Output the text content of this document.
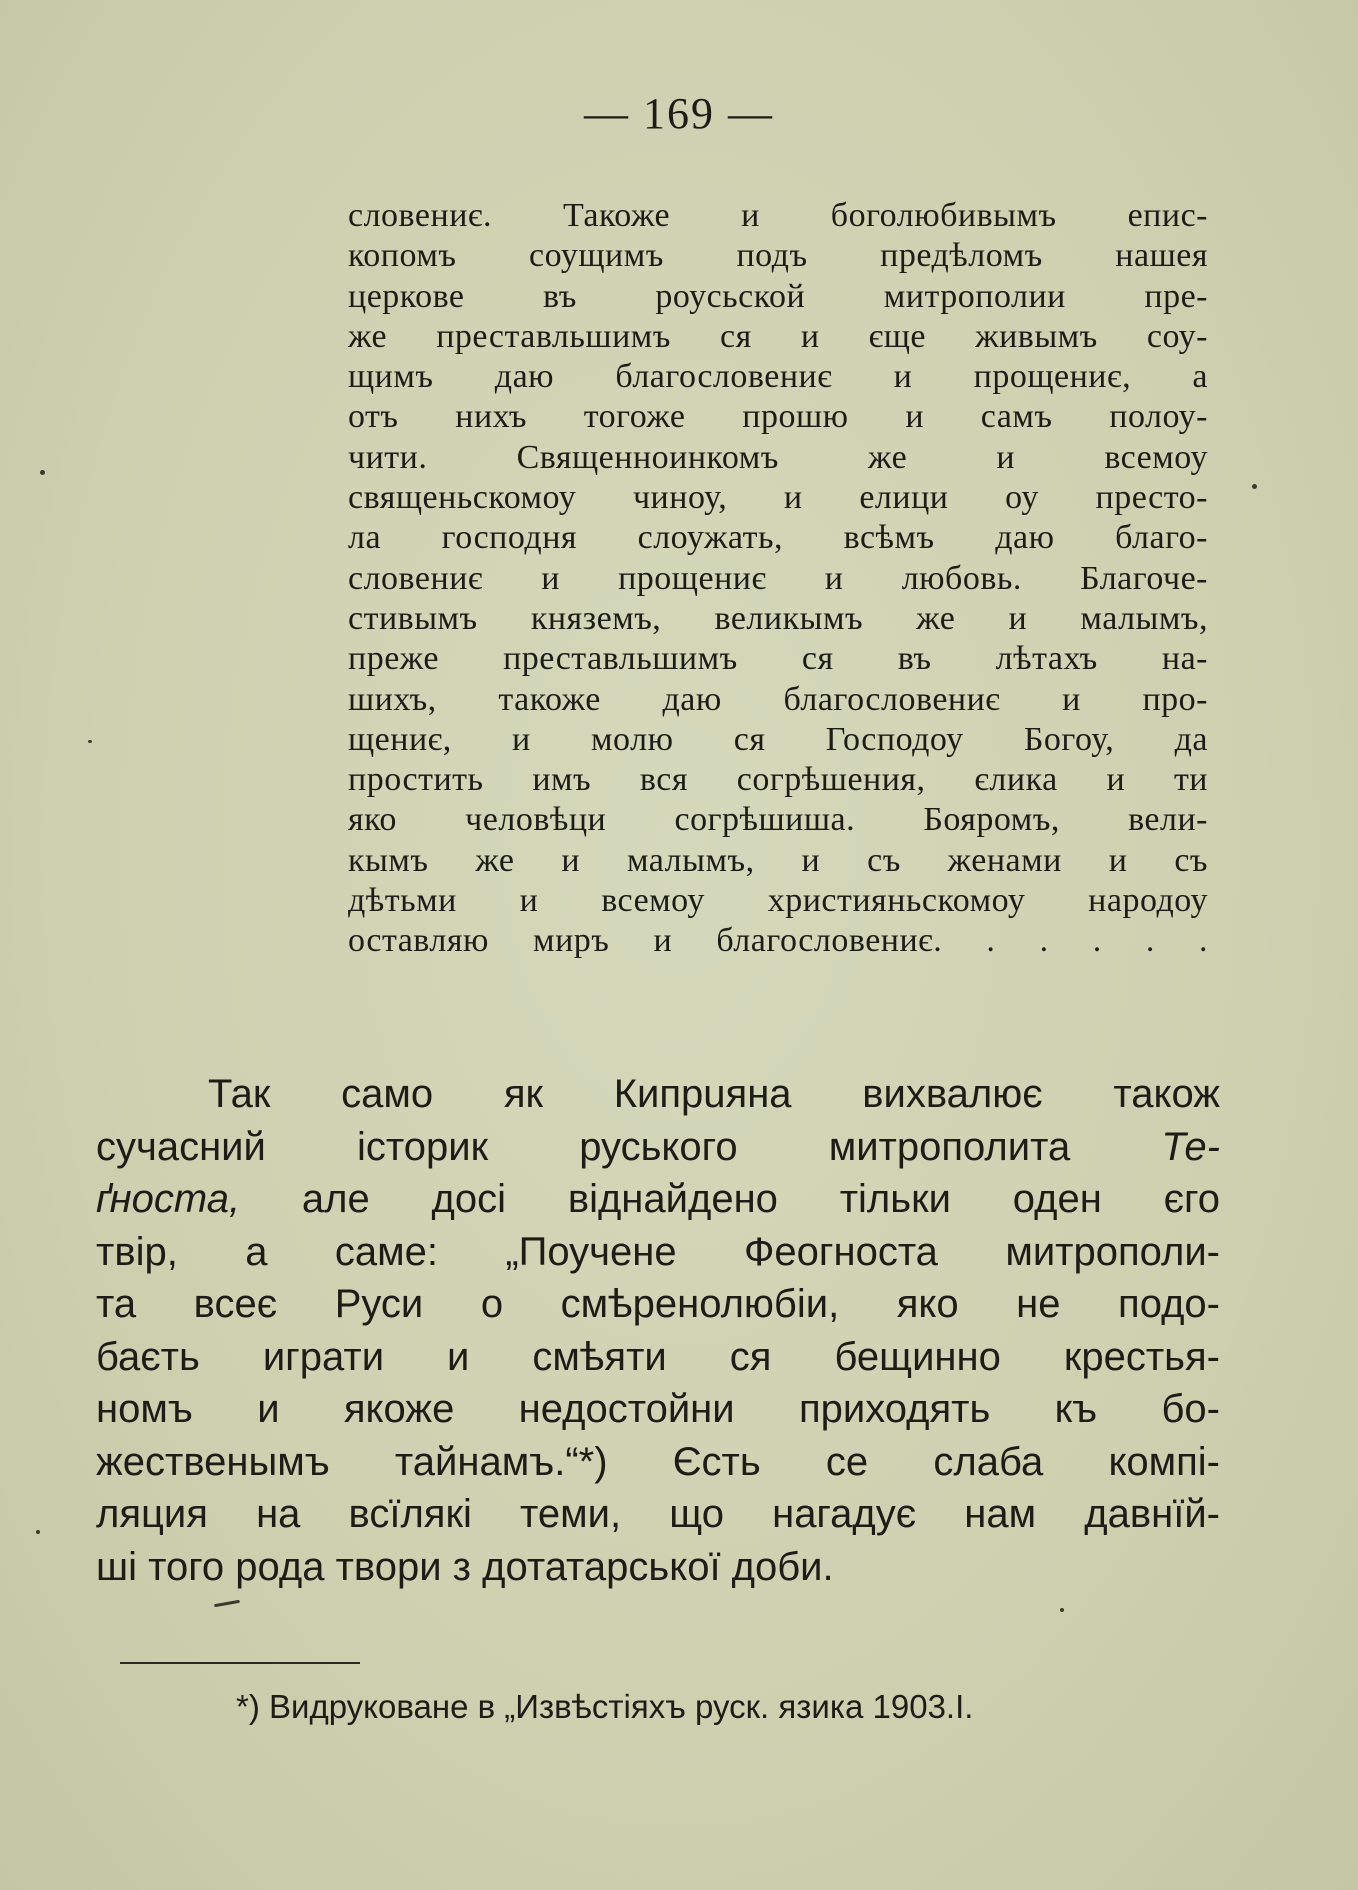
— 169 —
словениє. Такоже и боголюбивымъ епис-
копомъ соущимъ подъ предѣломъ нашея
церкове въ роусьской митрополии пре-
же преставльшимъ ся и єще живымъ соу-
щимъ даю благословениє и прощениє, а
отъ нихъ тогоже прошю и самъ полоу-
чити. Священноинкомъ же и всемоу
священьскомоу чиноу, и елици оу престо-
ла господня слоужать, всѣмъ даю благо-
словениє и прощениє и любовь. Благоче-
стивымъ княземъ, великымъ же и малымъ,
преже преставльшимъ ся въ лѣтахъ на-
шихъ, такоже даю благословениє и про-
щениє, и молю ся Господоу Богоу, да
простить имъ вся согрѣшения, єлика и ти
яко человѣци согрѣшиша. Бояромъ, вели-
кымъ же и малымъ, и съ женами и съ
дѣтьми и всемоу християньскомоу народоу
оставляю миръ и благословениє. . . . . .
Так само як Кипрuяна вихвалює також
сучасний історик руського митрополита Те-
ґноста, але досі віднайдено тільки оден єго
твір, а саме: „Поучене Феогноста митрополи-
та всеє Руси о смѣренолюбіи, яко не подо-
баєть играти и смѣяти ся бещинно крестья-
номъ и якоже недостойни приходять къ бо-
жественымъ тайнамъ.“*) Єсть се слаба компі-
ляция на всїлякі теми, що нагадує нам давнїй-
ші того рода твори з дотатарської доби.
*) Видруковане в „Извѣстіяхъ руск. язика 1903.І.
